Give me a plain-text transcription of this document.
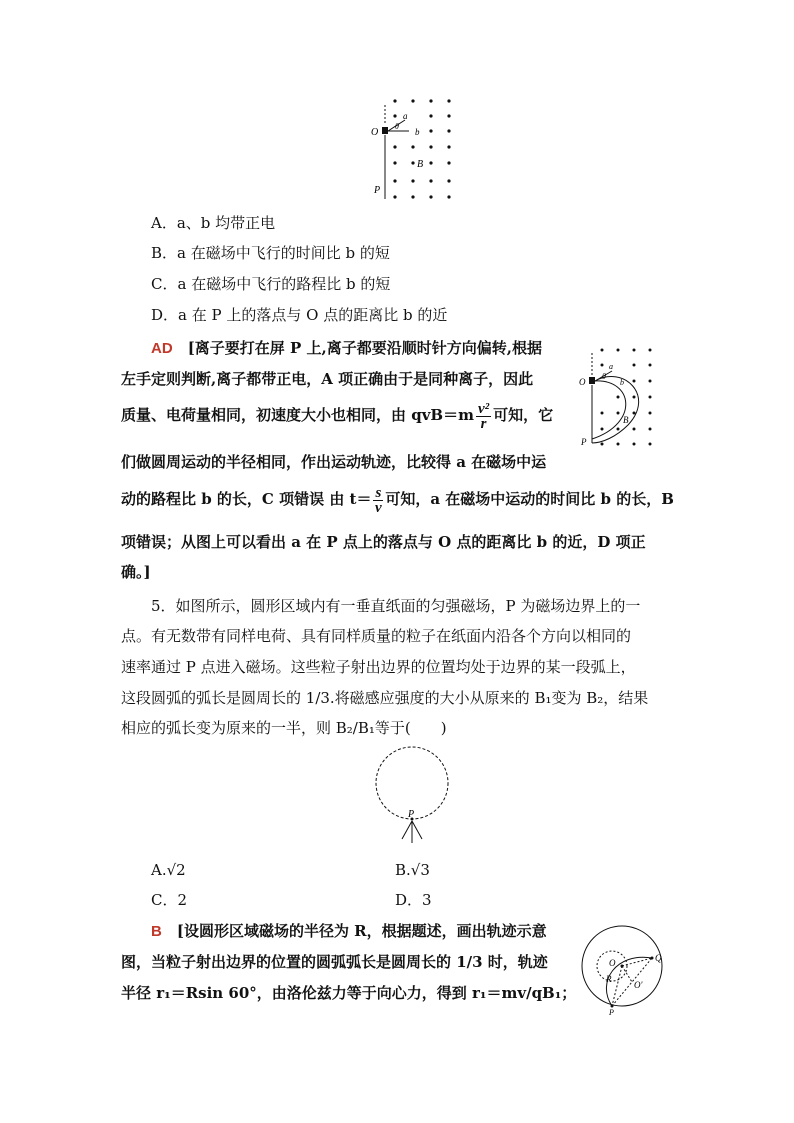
O
a
θ
b
B
P
A．a、b 均带正电
B．a 在磁场中飞行的时间比 b 的短
C．a 在磁场中飞行的路程比 b 的短
D．a 在 P 上的落点与 O 点的距离比 b 的近
AD　 [离子要打在屏 P 上,离子都要沿顺时针方向偏转,根据
左手定则判断,离子都带正电，A 项正确由于是同种离子，因此
质量、电荷量相同，初速度大小也相同，由 $qvB=m \frac{\text{v²}}{r}$ 可知，它
们做圆周运动的半径相同，作出运动轨迹，比较得 a 在磁场中运
动的路程比 b 的长，C 项错误 由 $t= \frac{s}{v}$ 可知，a 在磁场中运动的时间比 b 的长，B
项错误；从图上可以看出 a 在 P 点上的落点与 O 点的距离比 b 的近，D 项正
确。]
O
a
θ
b
B
P
5．如图所示，圆形区域内有一垂直纸面的匀强磁场，P 为磁场边界上的一
点。有无数带有同样电荷、具有同样质量的粒子在纸面内沿各个方向以相同的
速率通过 P 点进入磁场。这些粒子射出边界的位置均处于边界的某一段弧上，
这段圆弧的弧长是圆周长的 1/3.将磁感应强度的大小从原来的 B₁变为 B₂，结果
相应的弧长变为原来的一半，则 B₂/B₁等于(　　)
P
A.√2	B.√3
C．2	D．3
B　 [设圆形区域磁场的半径为 R，根据题述，画出轨迹示意
图，当粒子射出边界的位置的圆弧弧长是圆周长的 1/3 时，轨迹
半径 r₁＝Rsin 60°，由洛伦兹力等于向心力，得到 r₁＝mv/qB₁；
O	Q
R
O'
P
